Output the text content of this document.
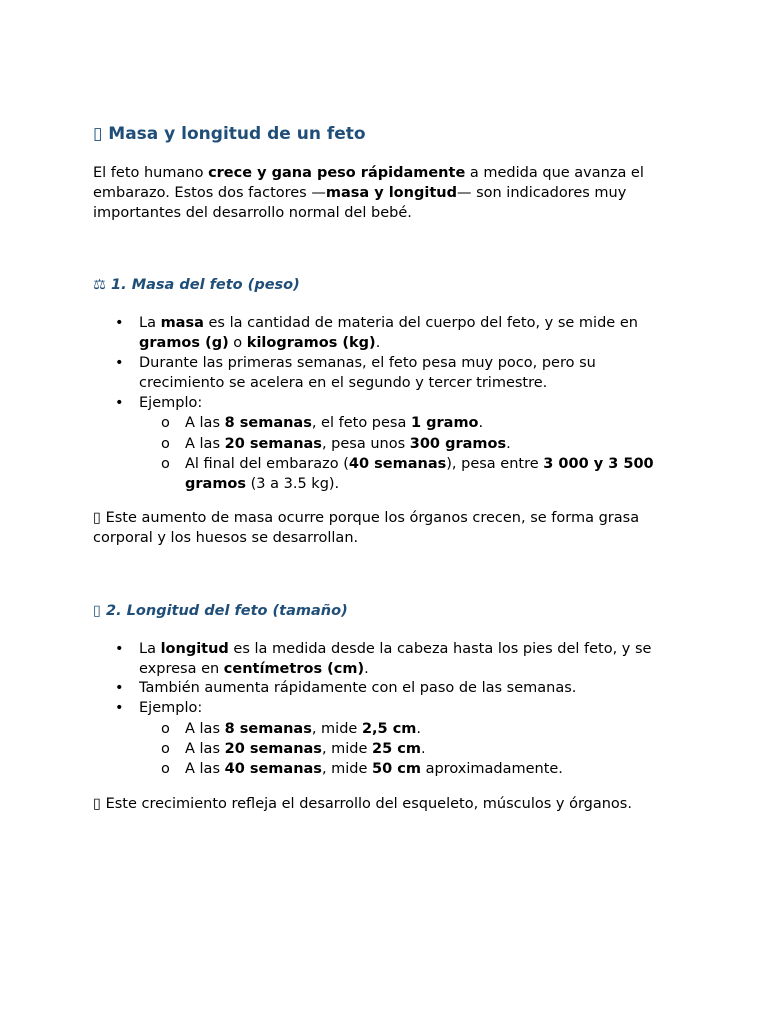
▯ Masa y longitud de un feto

El feto humano crece y gana peso rápidamente a medida que avanza el embarazo. Estos dos factores —masa y longitud— son indicadores muy importantes del desarrollo normal del bebé.

⚖ 1. Masa del feto (peso)
• La masa es la cantidad de materia del cuerpo del feto, y se mide en gramos (g) o kilogramos (kg).
• Durante las primeras semanas, el feto pesa muy poco, pero su crecimiento se acelera en el segundo y tercer trimestre.
• Ejemplo:
o A las 8 semanas, el feto pesa 1 gramo.
o A las 20 semanas, pesa unos 300 gramos.
o Al final del embarazo (40 semanas), pesa entre 3 000 y 3 500 gramos (3 a 3.5 kg).

▯ Este aumento de masa ocurre porque los órganos crecen, se forma grasa corporal y los huesos se desarrollan.

▯ 2. Longitud del feto (tamaño)
• La longitud es la medida desde la cabeza hasta los pies del feto, y se expresa en centímetros (cm).
• También aumenta rápidamente con el paso de las semanas.
• Ejemplo:
o A las 8 semanas, mide 2,5 cm.
o A las 20 semanas, mide 25 cm.
o A las 40 semanas, mide 50 cm aproximadamente.

▯ Este crecimiento refleja el desarrollo del esqueleto, músculos y órganos.
